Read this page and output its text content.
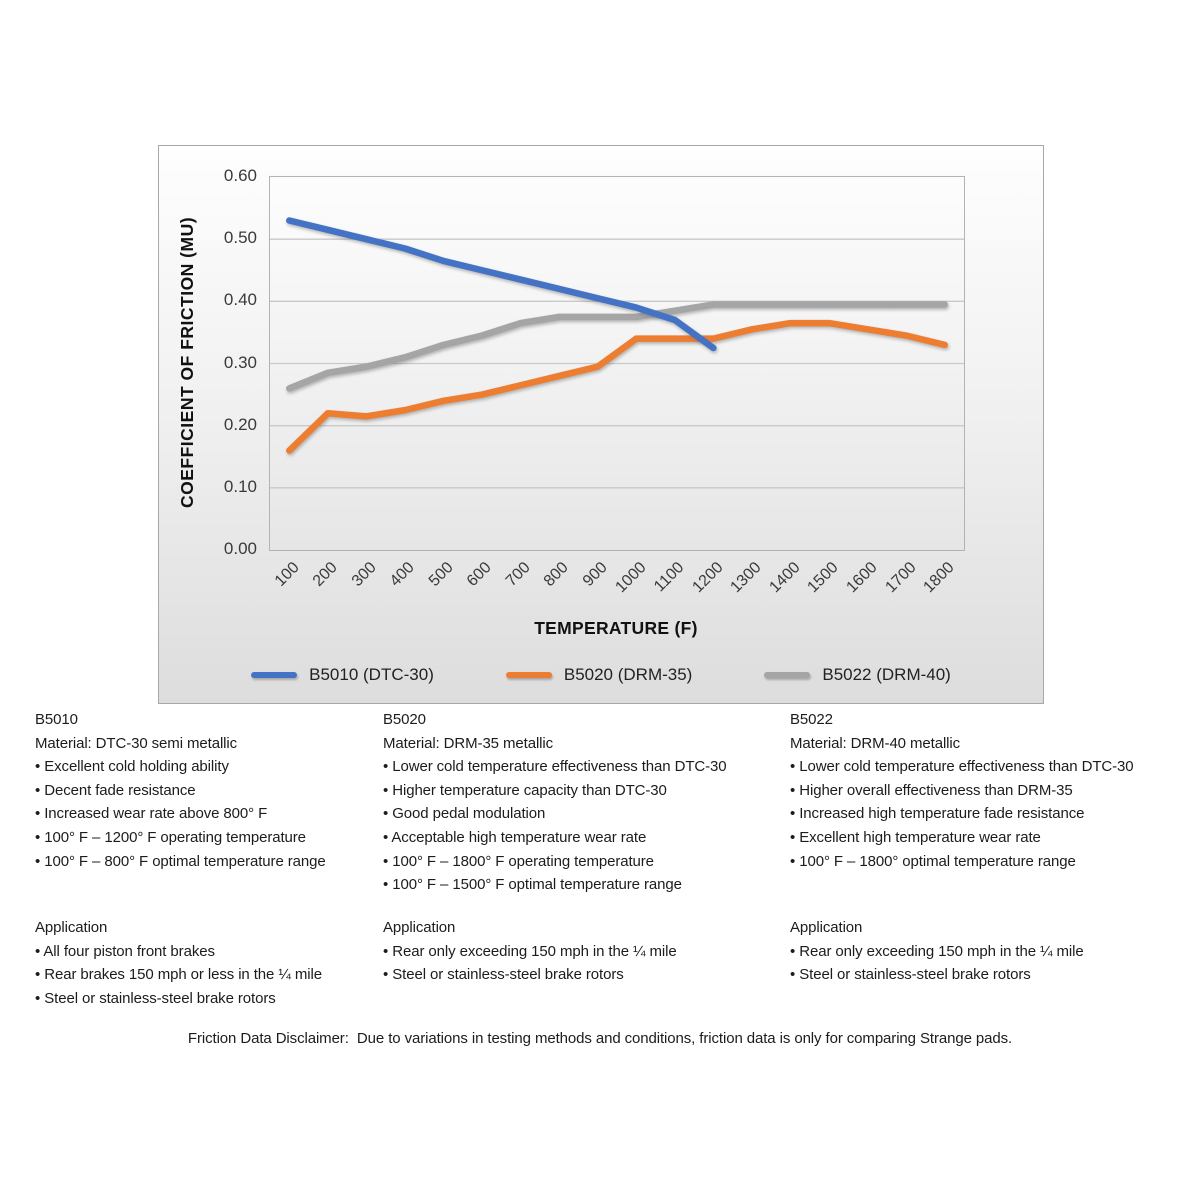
COEFFICIENT OF FRICTION (MU)
0.00
0.10
0.20
0.30
0.40
0.50
0.60
100 200 300 400 500 600 700 800 900 1000 1100 1200 1300 1400 1500 1600 1700 1800
TEMPERATURE (F)
B5010 (DTC-30)	B5020 (DRM-35)	B5022 (DRM-40)
B5010
Material: DTC-30 semi metallic
• Excellent cold holding ability
• Decent fade resistance
• Increased wear rate above 800° F
• 100° F – 1200° F operating temperature
• 100° F – 800° F optimal temperature range
Application
• All four piston front brakes
• Rear brakes 150 mph or less in the ¼ mile
• Steel or stainless-steel brake rotors
B5020
Material: DRM-35 metallic
• Lower cold temperature effectiveness than DTC-30
• Higher temperature capacity than DTC-30
• Good pedal modulation
• Acceptable high temperature wear rate
• 100° F – 1800° F operating temperature
• 100° F – 1500° F optimal temperature range
Application
• Rear only exceeding 150 mph in the ¼ mile
• Steel or stainless-steel brake rotors
B5022
Material: DRM-40 metallic
• Lower cold temperature effectiveness than DTC-30
• Higher overall effectiveness than DRM-35
• Increased high temperature fade resistance
• Excellent high temperature wear rate
• 100° F – 1800° optimal temperature range
Application
• Rear only exceeding 150 mph in the ¼ mile
• Steel or stainless-steel brake rotors
Friction Data Disclaimer:  Due to variations in testing methods and conditions, friction data is only for comparing Strange pads.
